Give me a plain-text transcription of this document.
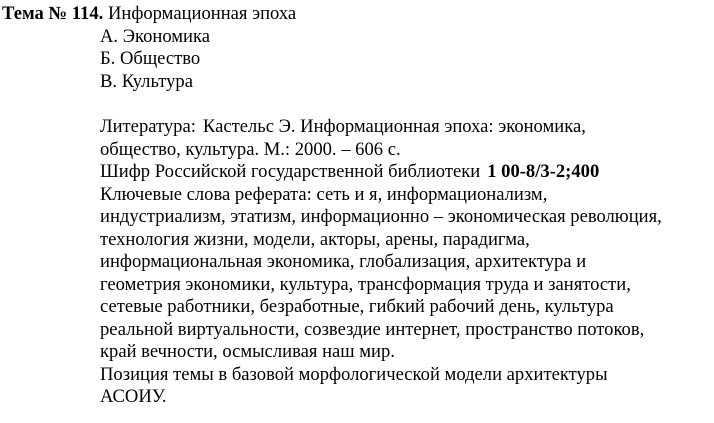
Тема № 114. Информационная эпоха
А. Экономика
Б. Общество
В. Культура
Литература: Кастельс Э. Информационная эпоха: экономика,
общество, культура. М.: 2000. – 606 с.
Шифр Российской государственной библиотеки 1 00-8/3-2;400
Ключевые слова реферата: сеть и я, информационализм,
индустриализм, этатизм, информационно – экономическая революция,
технология жизни, модели, акторы, арены, парадигма,
информациональная экономика, глобализация, архитектура и
геометрия экономики, культура, трансформация труда и занятости,
сетевые работники, безработные, гибкий рабочий день, культура
реальной виртуальности, созвездие интернет, пространство потоков,
край вечности, осмысливая наш мир.
Позиция темы в базовой морфологической модели архитектуры
АСОИУ.
